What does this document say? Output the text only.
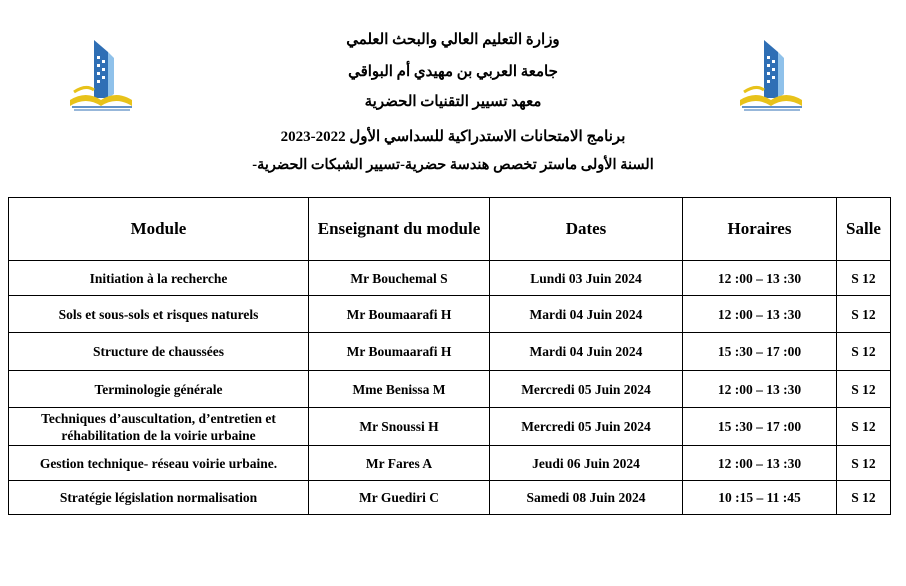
وزارة التعليم العالي والبحث العلمي
جامعة العربي بن مهيدي أم البواقي
معهد تسيير التقنيات الحضرية
برنامج الامتحانات الاستدراكية للسداسي الأول 2022-2023
السنة الأولى ماستر تخصص هندسة حضرية-تسيير الشبكات الحضرية-
Module	Enseignant du module	Dates	Horaires	Salle
Initiation à la recherche	Mr Bouchemal S	Lundi 03 Juin 2024	12 :00 – 13 :30	S 12
Sols et sous-sols et risques naturels	Mr Boumaarafi H	Mardi 04 Juin 2024	12 :00 – 13 :30	S 12
Structure de chaussées	Mr Boumaarafi H	Mardi 04 Juin 2024	15 :30 – 17 :00	S 12
Terminologie générale	Mme Benissa M	Mercredi 05 Juin 2024	12 :00 – 13 :30	S 12
Techniques d’auscultation, d’entretien et réhabilitation de la voirie urbaine	Mr Snoussi H	Mercredi 05 Juin 2024	15 :30 – 17 :00	S 12
Gestion technique- réseau voirie urbaine.	Mr Fares A	Jeudi 06 Juin 2024	12 :00 – 13 :30	S 12
Stratégie législation normalisation	Mr Guediri C	Samedi 08 Juin 2024	10 :15 – 11 :45	S 12
